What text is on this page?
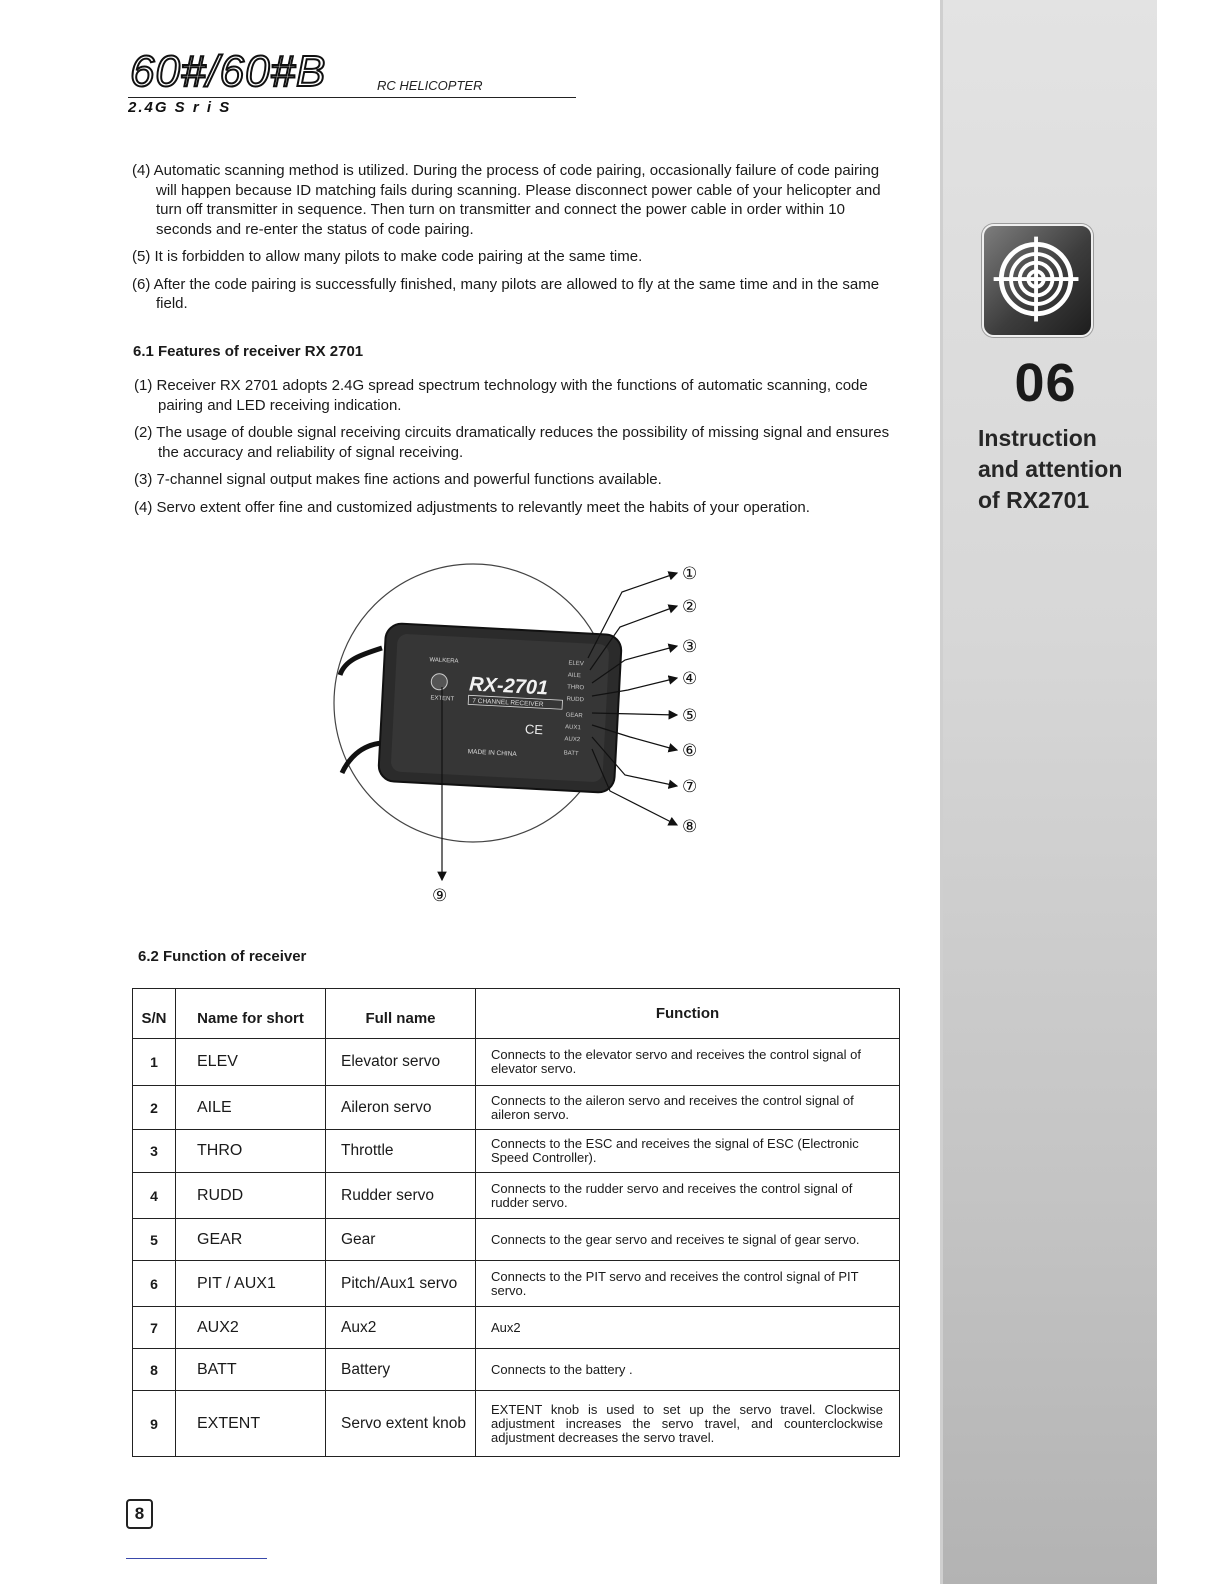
60#/60#B	RC HELICOPTER
2.4G S r i S
(4) Automatic scanning method is utilized. During the process of code pairing, occasionally failure of code pairing will happen because ID matching fails during scanning. Please disconnect power cable of your helicopter and turn off transmitter in sequence. Then turn on transmitter and connect the power cable in order within 10 seconds and re-enter the status of code pairing.
(5) It is forbidden to allow many pilots to make code pairing at the same time.
(6) After the code pairing is successfully finished, many pilots are allowed to fly at the same time and in the same field.
6.1 Features of receiver RX 2701
(1) Receiver RX 2701 adopts 2.4G spread spectrum technology with the functions of automatic scanning, code pairing and LED receiving indication.
(2) The usage of double signal receiving circuits dramatically reduces the possibility of missing signal and ensures the accuracy and reliability of signal receiving.
(3) 7-channel signal output makes fine actions and powerful functions available.
(4) Servo extent offer fine and customized adjustments to relevantly meet the habits of your operation.
WALKERA
EXTENT RX-2701
7 CHANNEL RECEIVER
CE
MADE IN CHINA
ELEV
AILE
THRO
RUDD
GEAR
AUX1
AUX2
BATT
①
②
③
④
⑤
⑥
⑦
⑧
⑨
6.2 Function of receiver
S/N	Name for short	Full name	Function
1	ELEV	Elevator servo	Connects to the elevator servo and receives the control signal of elevator servo.
2	AILE	Aileron servo	Connects to the aileron servo and receives the control signal of aileron servo.
3	THRO	Throttle	Connects to the ESC and receives the signal of ESC (Electronic Speed Controller).
4	RUDD	Rudder servo	Connects to the rudder servo and receives the control signal of rudder servo.
5	GEAR	Gear	Connects to the gear servo and receives te signal of gear servo.
6	PIT / AUX1	Pitch/Aux1 servo	Connects to the PIT servo and receives the control signal of PIT servo.
7	AUX2	Aux2	Aux2
8	BATT	Battery	Connects to the battery .
9	EXTENT	Servo extent knob	EXTENT knob is used to set up the servo travel. Clockwise adjustment increases the servo travel, and counterclockwise adjustment decreases the servo travel.
8
06
Instruction
and attention
of RX2701
